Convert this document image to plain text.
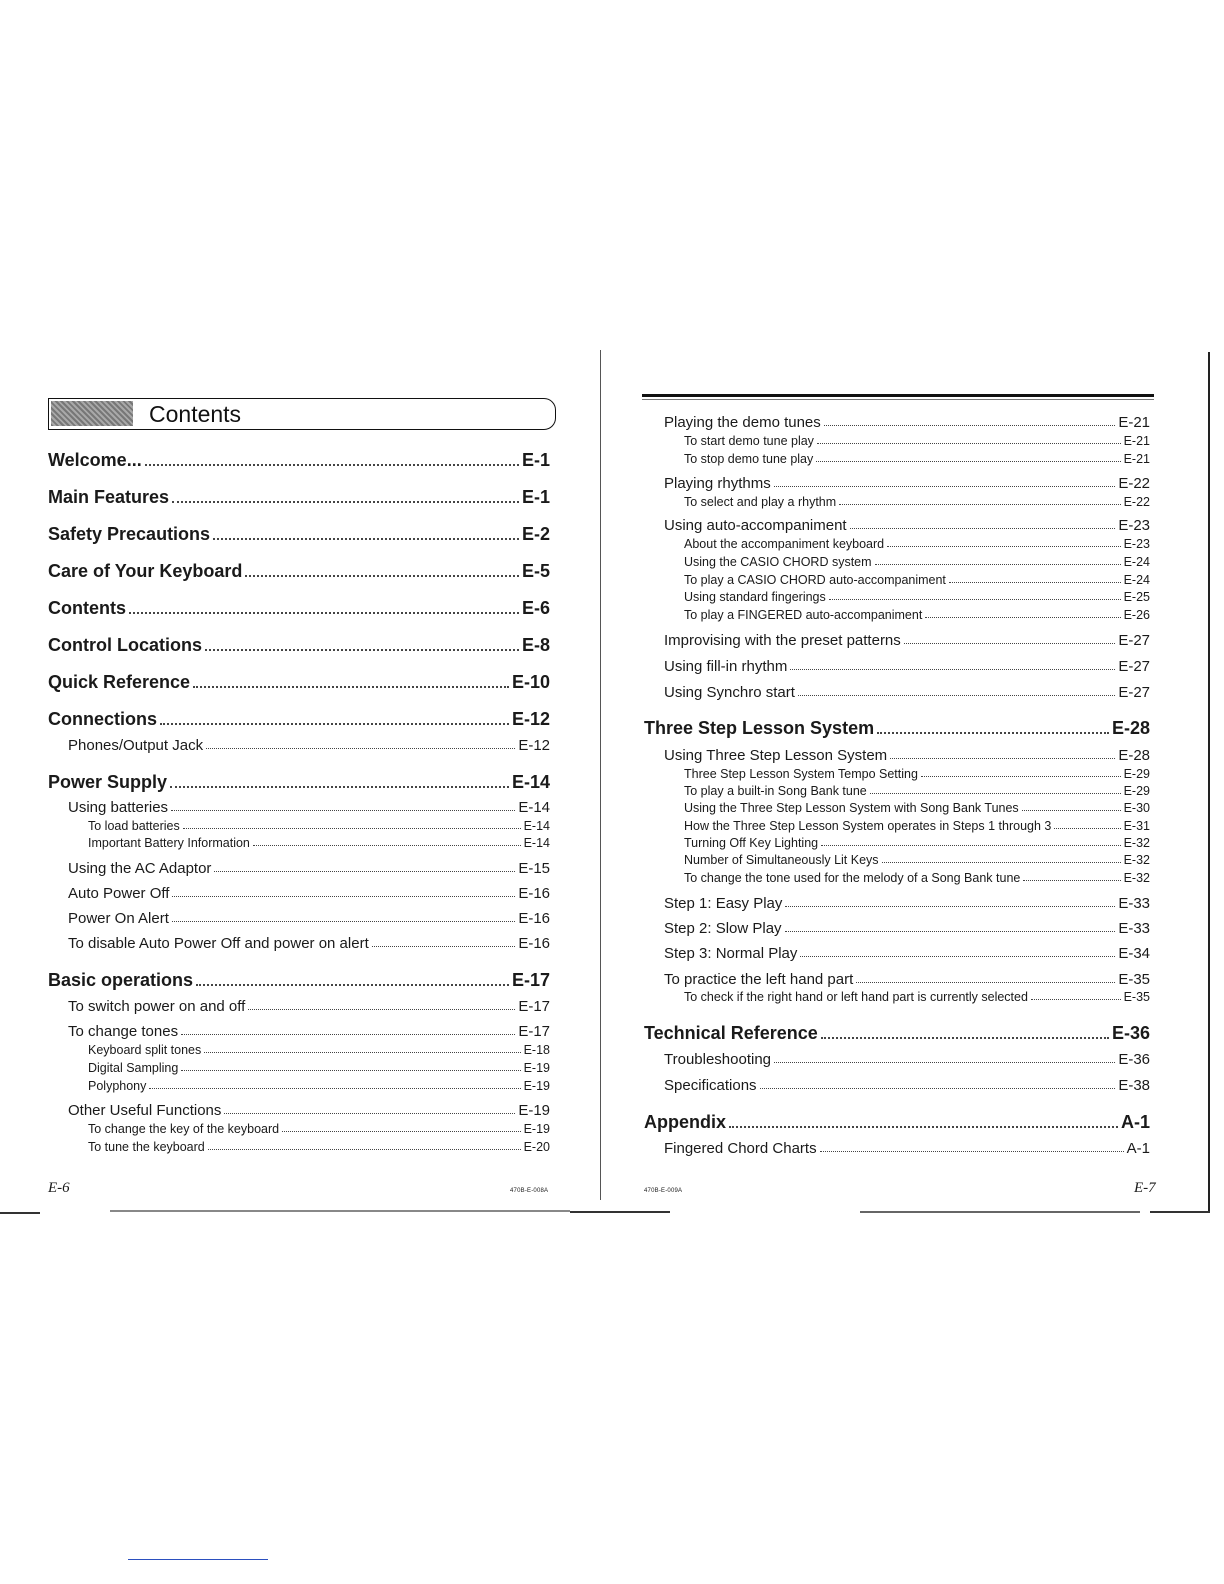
Contents
Welcome...	E-1
Main Features	E-1
Safety Precautions	E-2
Care of Your Keyboard	E-5
Contents	E-6
Control Locations	E-8
Quick Reference	E-10
Connections	E-12
Phones/Output Jack	E-12
Power Supply	E-14
Using batteries	E-14
To load batteries	E-14
Important Battery Information	E-14
Using the AC Adaptor	E-15
Auto Power Off	E-16
Power On Alert	E-16
To disable Auto Power Off and power on alert	E-16
Basic operations	E-17
To switch power on and off	E-17
To change tones	E-17
Keyboard split tones	E-18
Digital Sampling	E-19
Polyphony	E-19
Other Useful Functions	E-19
To change the key of the keyboard	E-19
To tune the keyboard	E-20
E-6	470B-E-008A
Playing the demo tunes	E-21
To start demo tune play	E-21
To stop demo tune play	E-21
Playing rhythms	E-22
To select and play a rhythm	E-22
Using auto-accompaniment	E-23
About the accompaniment keyboard	E-23
Using the CASIO CHORD system	E-24
To play a CASIO CHORD auto-accompaniment	E-24
Using standard fingerings	E-25
To play a FINGERED auto-accompaniment	E-26
Improvising with the preset patterns	E-27
Using fill-in rhythm	E-27
Using Synchro start	E-27
Three Step Lesson System	E-28
Using Three Step Lesson System	E-28
Three Step Lesson System Tempo Setting	E-29
To play a built-in Song Bank tune	E-29
Using the Three Step Lesson System with Song Bank Tunes	E-30
How the Three Step Lesson System operates in Steps 1 through 3	E-31
Turning Off Key Lighting	E-32
Number of Simultaneously Lit Keys	E-32
To change the tone used for the melody of a Song Bank tune	E-32
Step 1: Easy Play	E-33
Step 2: Slow Play	E-33
Step 3: Normal Play	E-34
To practice the left hand part	E-35
To check if the right hand or left hand part is currently selected	E-35
Technical Reference	E-36
Troubleshooting	E-36
Specifications	E-38
Appendix	A-1
Fingered Chord Charts	A-1
470B-E-009A	E-7
